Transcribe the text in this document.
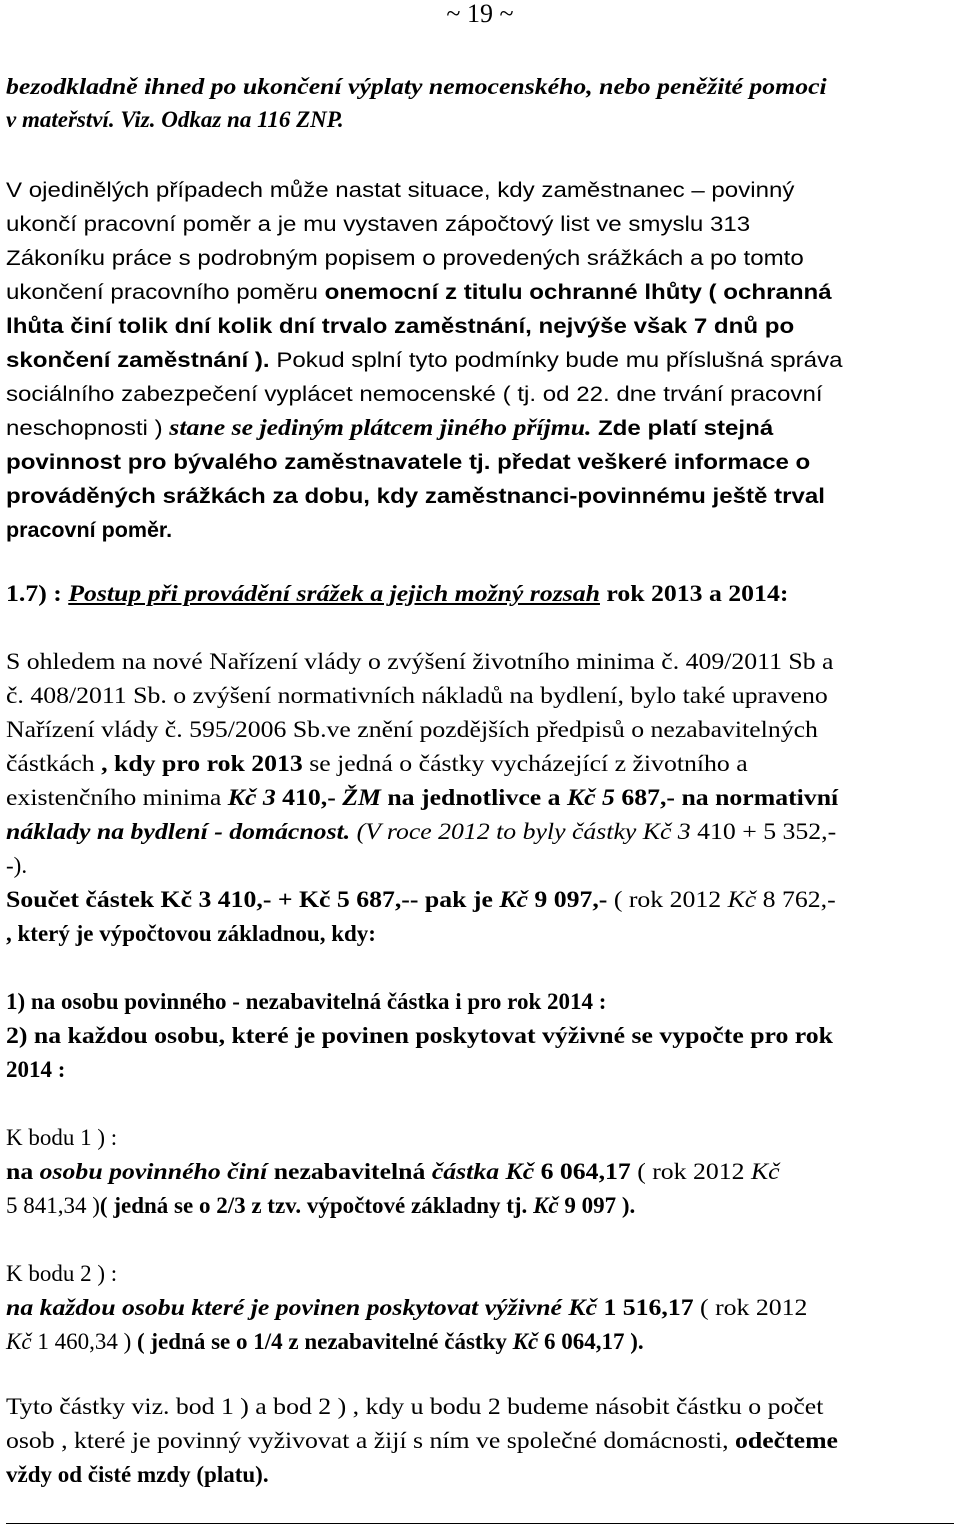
~ 19 ~
bezodkladně ihned po ukončení výplaty nemocenského, nebo peněžité pomoci
v mateřství. Viz. Odkaz na 116 ZNP.
V ojedinělých případech může nastat situace, kdy zaměstnanec – povinný
ukončí pracovní poměr a je mu vystaven zápočtový list ve smyslu 313
Zákoníku práce s podrobným popisem o provedených srážkách a po tomto
ukončení pracovního poměru onemocní z titulu ochranné lhůty ( ochranná
lhůta činí tolik dní kolik dní trvalo zaměstnání, nejvýše však 7 dnů po
skončení zaměstnání ). Pokud splní tyto podmínky bude mu příslušná správa
sociálního zabezpečení vyplácet nemocenské ( tj. od 22. dne trvání pracovní
neschopnosti ) stane se jediným plátcem jiného příjmu. Zde platí stejná
povinnost pro bývalého zaměstnavatele tj. předat veškeré informace o
prováděných srážkách za dobu, kdy zaměstnanci-povinnému ještě trval
pracovní poměr.
1.7) : Postup při provádění srážek a jejich možný rozsah rok 2013 a 2014:
S ohledem na nové Nařízení vlády o zvýšení životního minima č. 409/2011 Sb a
č. 408/2011 Sb. o zvýšení normativních nákladů na bydlení, bylo také upraveno
Nařízení vlády č. 595/2006 Sb.ve znění pozdějších předpisů o nezabavitelných
částkách , kdy pro rok 2013 se jedná o částky vycházející z životního a
existenčního minima Kč 3 410,- ŽM na jednotlivce a Kč 5 687,- na normativní
náklady na bydlení - domácnost. (V roce 2012 to byly částky Kč 3 410 + 5 352,-
-).
Součet částek Kč 3 410,- + Kč 5 687,-- pak je Kč 9 097,- ( rok 2012 Kč 8 762,-
, který je výpočtovou základnou, kdy:
1) na osobu povinného - nezabavitelná částka i pro rok 2014 :
2) na každou osobu, které je povinen poskytovat výživné se vypočte pro rok
2014 :
K bodu 1 ) :
na osobu povinného činí nezabavitelná částka Kč 6 064,17 ( rok 2012 Kč
5 841,34 )( jedná se o 2/3 z tzv. výpočtové základny tj. Kč 9 097 ).
K bodu 2 ) :
na každou osobu které je povinen poskytovat výživné Kč 1 516,17 ( rok 2012
Kč 1 460,34 ) ( jedná se o 1/4 z nezabavitelné částky Kč 6 064,17 ).
Tyto částky viz. bod 1 ) a bod 2 ) , kdy u bodu 2 budeme násobit částku o počet
osob , které je povinný vyživovat a žijí s ním ve společné domácnosti, odečteme
vždy od čisté mzdy (platu).
